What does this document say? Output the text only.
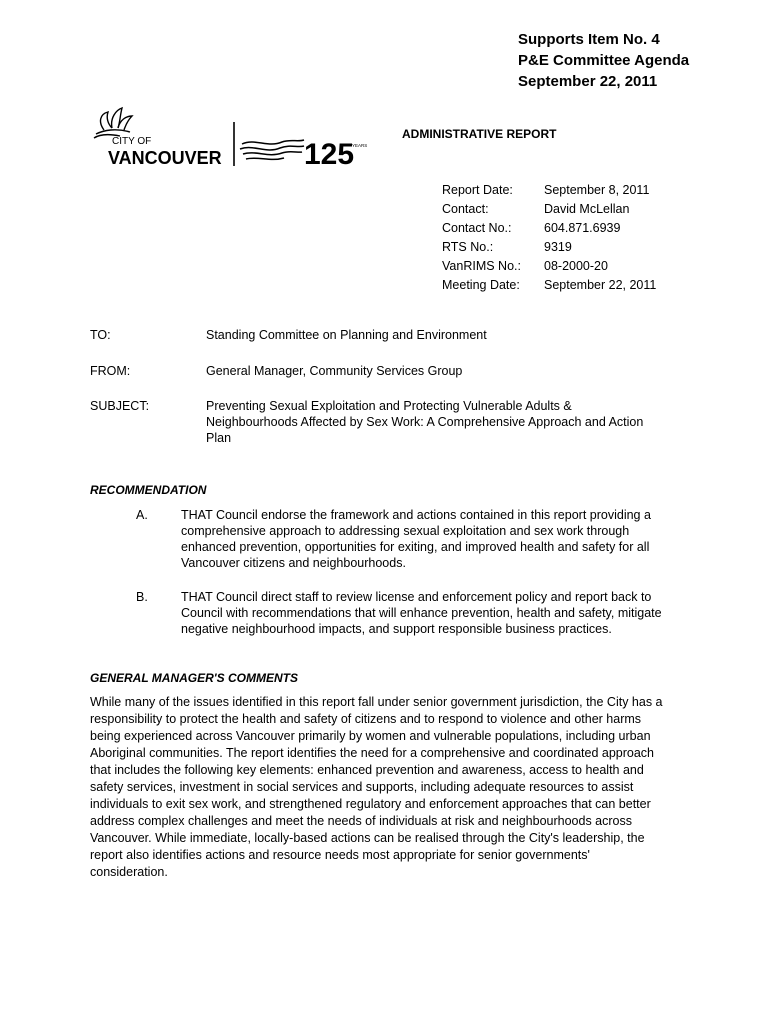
Supports Item No. 4
P&E Committee Agenda
September 22, 2011
CITY OF
VANCOUVER	125
YEARS
ADMINISTRATIVE REPORT
Report Date:	September 8, 2011
Contact:	David McLellan
Contact No.:	604.871.6939
RTS No.:	9319
VanRIMS No.:	08-2000-20
Meeting Date:	September 22, 2011
TO:	Standing Committee on Planning and Environment
FROM:	General Manager, Community Services Group
SUBJECT:	Preventing Sexual Exploitation and Protecting Vulnerable Adults & Neighbourhoods Affected by Sex Work: A Comprehensive Approach and Action Plan
RECOMMENDATION
A.	THAT Council endorse the framework and actions contained in this report providing a comprehensive approach to addressing sexual exploitation and sex work through enhanced prevention, opportunities for exiting, and improved health and safety for all Vancouver citizens and neighbourhoods.
B.	THAT Council direct staff to review license and enforcement policy and report back to Council with recommendations that will enhance prevention, health and safety, mitigate negative neighbourhood impacts, and support responsible business practices.
GENERAL MANAGER'S COMMENTS
While many of the issues identified in this report fall under senior government jurisdiction, the City has a responsibility to protect the health and safety of citizens and to respond to violence and other harms being experienced across Vancouver primarily by women and vulnerable populations, including urban Aboriginal communities. The report identifies the need for a comprehensive and coordinated approach that includes the following key elements: enhanced prevention and awareness, access to health and safety services, investment in social services and supports, including adequate resources to assist individuals to exit sex work, and strengthened regulatory and enforcement approaches that can better address complex challenges and meet the needs of individuals at risk and neighbourhoods across Vancouver. While immediate, locally-based actions can be realised through the City's leadership, the report also identifies actions and resource needs most appropriate for senior governments' consideration.
